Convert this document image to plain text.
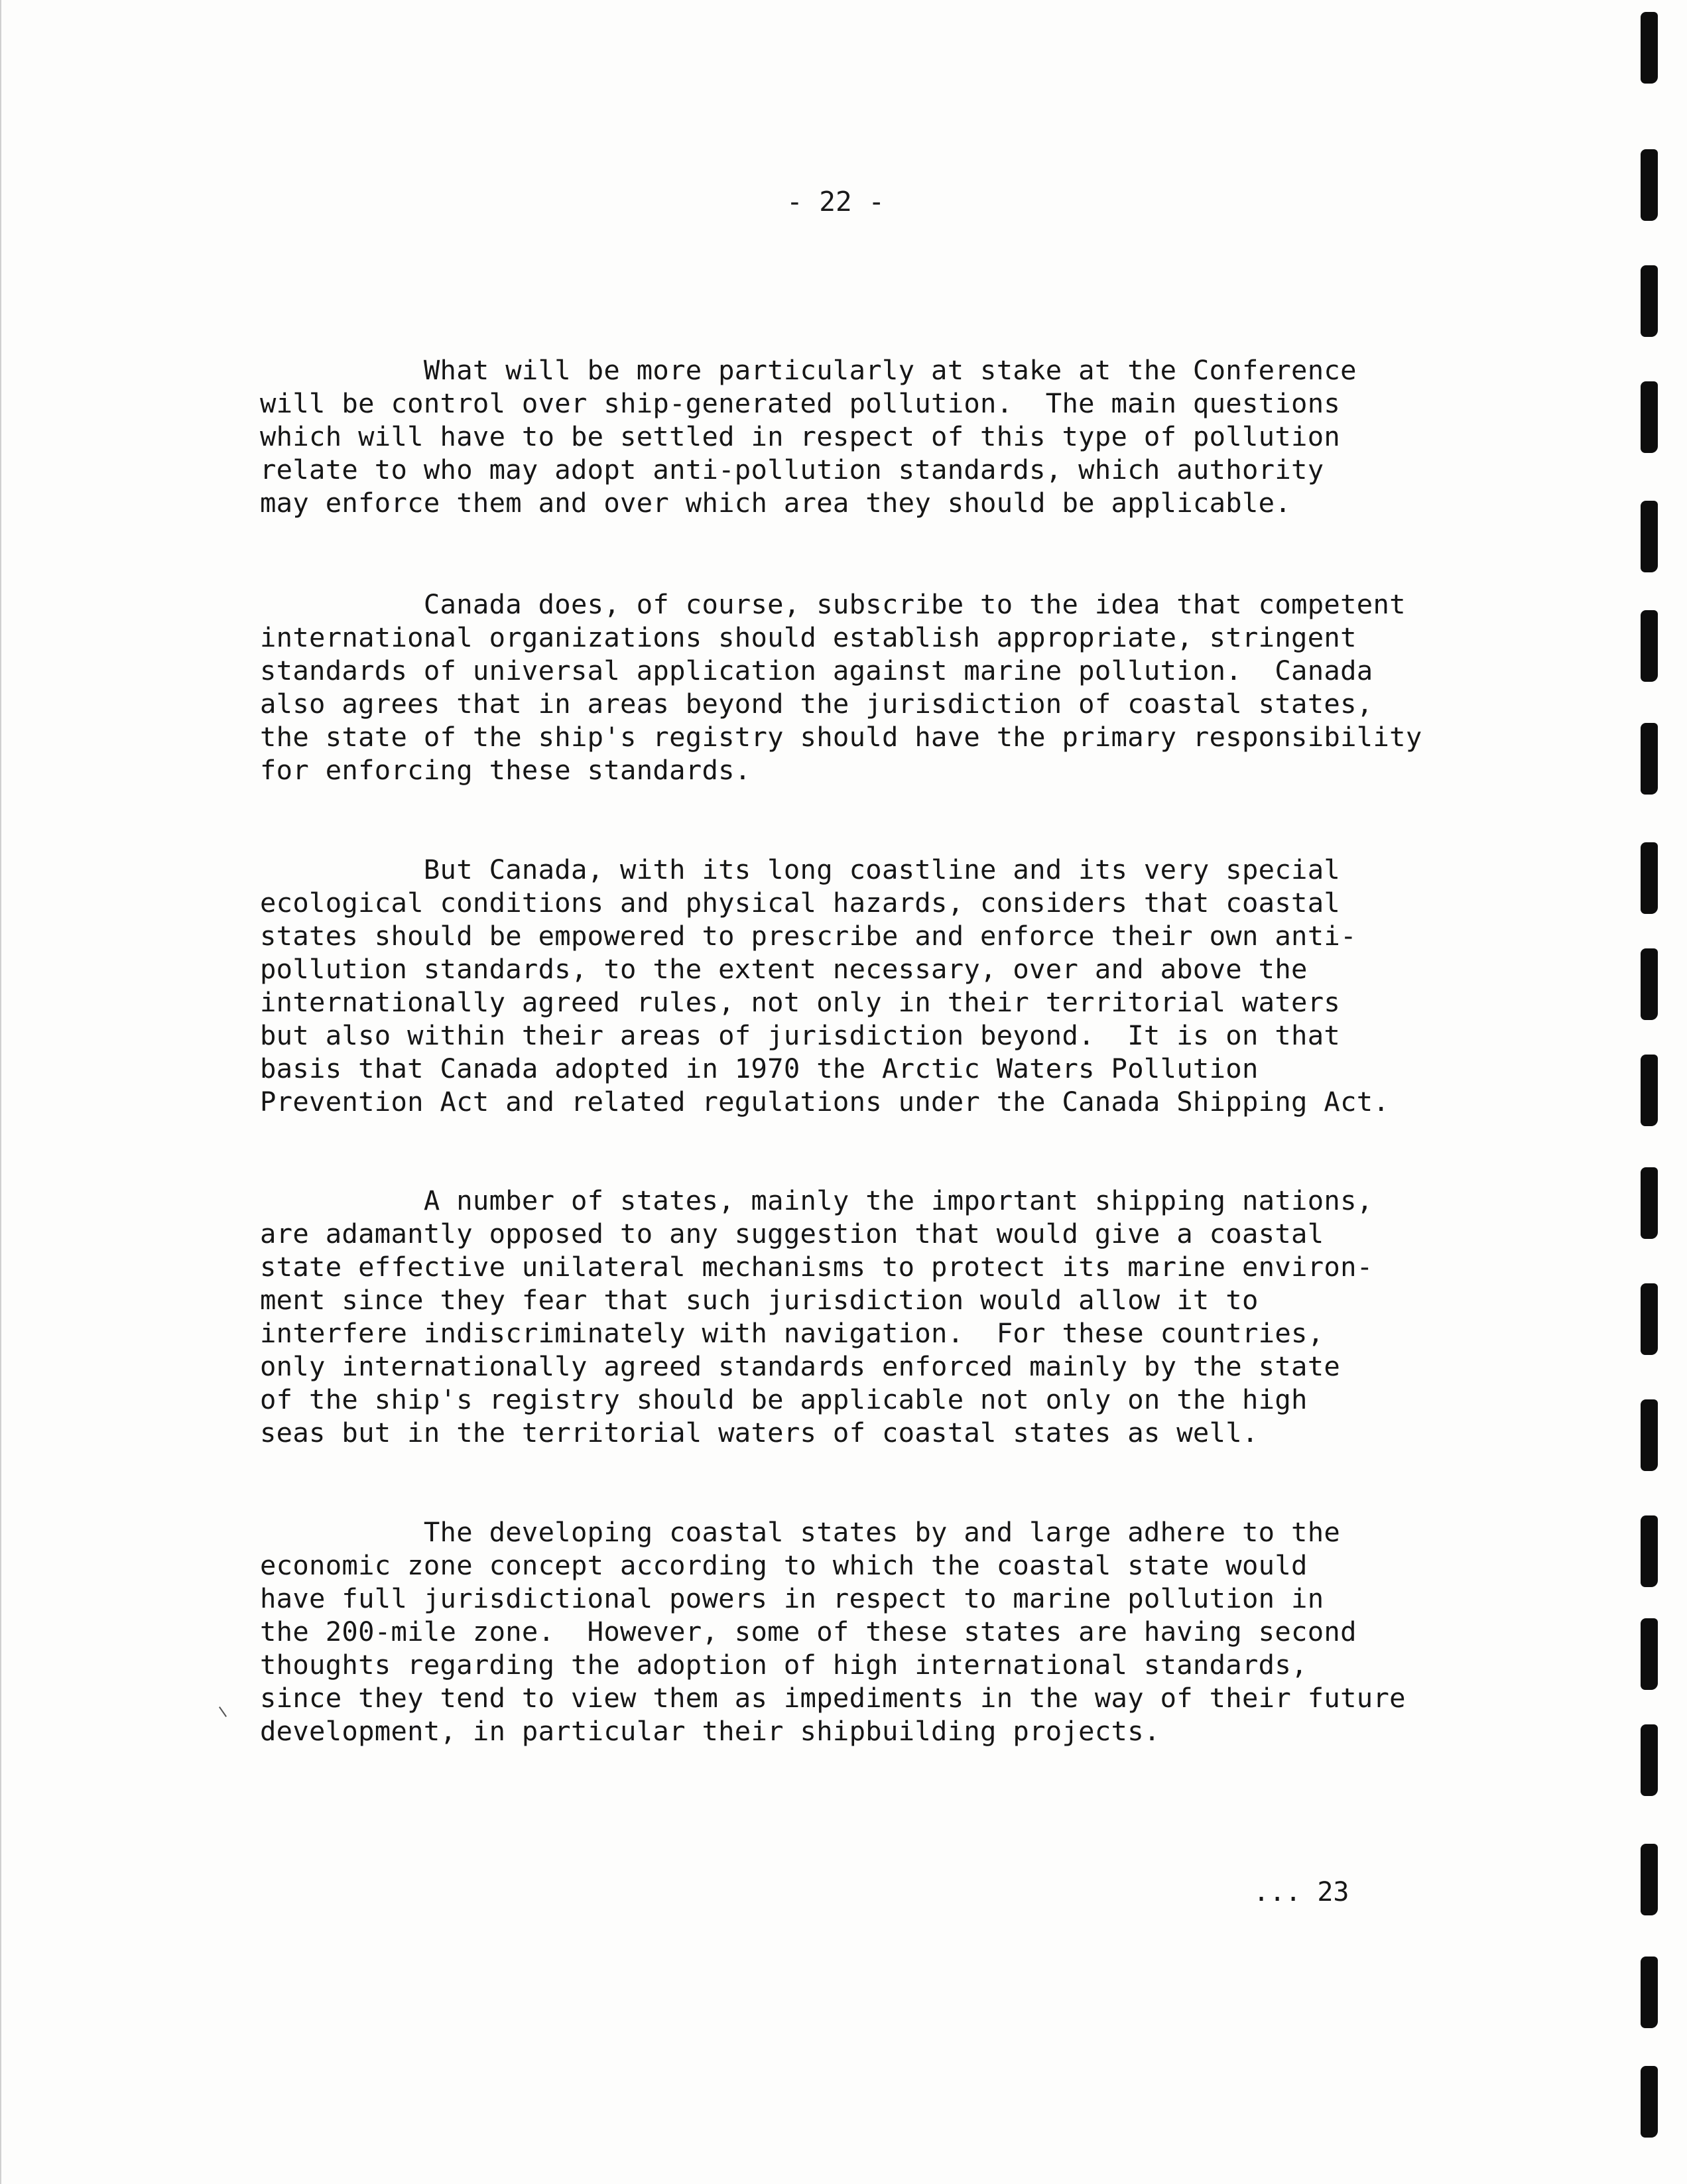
- 22 -

What will be more particularly at stake at the Conference
will be control over ship-generated pollution.  The main questions
which will have to be settled in respect of this type of pollution
relate to who may adopt anti-pollution standards, which authority
may enforce them and over which area they should be applicable.

Canada does, of course, subscribe to the idea that competent
international organizations should establish appropriate, stringent
standards of universal application against marine pollution.  Canada
also agrees that in areas beyond the jurisdiction of coastal states,
the state of the ship's registry should have the primary responsibility
for enforcing these standards.

But Canada, with its long coastline and its very special
ecological conditions and physical hazards, considers that coastal
states should be empowered to prescribe and enforce their own anti-
pollution standards, to the extent necessary, over and above the
internationally agreed rules, not only in their territorial waters
but also within their areas of jurisdiction beyond.  It is on that
basis that Canada adopted in 1970 the Arctic Waters Pollution
Prevention Act and related regulations under the Canada Shipping Act.

A number of states, mainly the important shipping nations,
are adamantly opposed to any suggestion that would give a coastal
state effective unilateral mechanisms to protect its marine environ-
ment since they fear that such jurisdiction would allow it to
interfere indiscriminately with navigation.  For these countries,
only internationally agreed standards enforced mainly by the state
of the ship's registry should be applicable not only on the high
seas but in the territorial waters of coastal states as well.

The developing coastal states by and large adhere to the
economic zone concept according to which the coastal state would
have full jurisdictional powers in respect to marine pollution in
the 200-mile zone.  However, some of these states are having second
thoughts regarding the adoption of high international standards,
since they tend to view them as impediments in the way of their future
development, in particular their shipbuilding projects.

... 23
